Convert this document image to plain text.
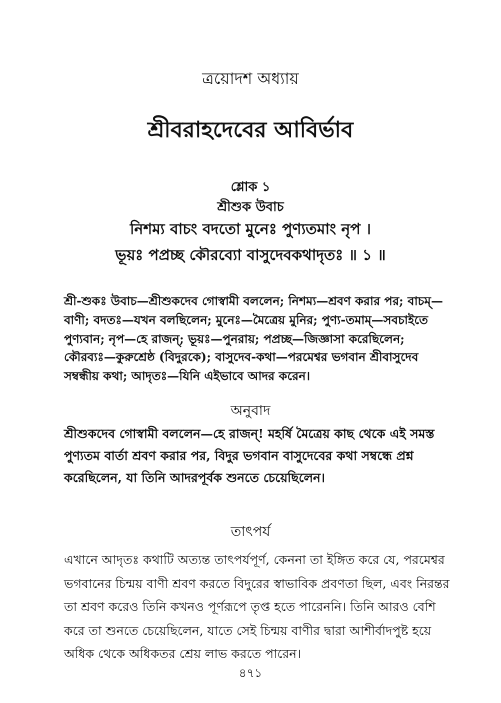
ত্রয়োদশ অধ্যায়
শ্রীবরাহদেবের আবির্ভাব
শ্লোক ১
শ্রীশুক উবাচ
নিশম্য বাচং বদতো মুনেঃ পুণ্যতমাং নৃপ ।
ভূয়ঃ পপ্রচ্ছ কৌরব্যো বাসুদেবকথাদৃতঃ ॥ ১ ॥
শ্রী-শুকঃ উবাচ—শ্রীশুকদেব গোস্বামী বললেন; নিশম্য—শ্রবণ করার পর; বাচম্—
বাণী; বদতঃ—যখন বলছিলেন; মুনেঃ—মৈত্রেয় মুনির; পুণ্য-তমাম্—সবচাইতে
পুণ্যবান; নৃপ—হে রাজন্; ভূয়ঃ—পুনরায়; পপ্রচ্ছ—জিজ্ঞাসা করেছিলেন;
কৌরব্যঃ—কুরুশ্রেষ্ঠ (বিদুরকে); বাসুদেব-কথা—পরমেশ্বর ভগবান শ্রীবাসুদেব
সম্বন্ধীয় কথা; আদৃতঃ—যিনি এইভাবে আদর করেন।
অনুবাদ
শ্রীশুকদেব গোস্বামী বললেন—হে রাজন্! মহর্ষি মৈত্রেয় কাছ থেকে এই সমস্ত
পুণ্যতম বার্তা শ্রবণ করার পর, বিদুর ভগবান বাসুদেবের কথা সম্বন্ধে প্রশ্ন
করেছিলেন, যা তিনি আদরপূর্বক শুনতে চেয়েছিলেন।
তাৎপর্য
এখানে আদৃতঃ কথাটি অত্যন্ত তাৎপর্যপূর্ণ, কেননা তা ইঙ্গিত করে যে, পরমেশ্বর
ভগবানের চিন্ময় বাণী শ্রবণ করতে বিদুরের স্বাভাবিক প্রবণতা ছিল, এবং নিরন্তর
তা শ্রবণ করেও তিনি কখনও পূর্ণরূপে তৃপ্ত হতে পারেননি। তিনি আরও বেশি
করে তা শুনতে চেয়েছিলেন, যাতে সেই চিন্ময় বাণীর দ্বারা আশীর্বাদপুষ্ট হয়ে
অধিক থেকে অধিকতর শ্রেয় লাভ করতে পারেন।
৪৭১
